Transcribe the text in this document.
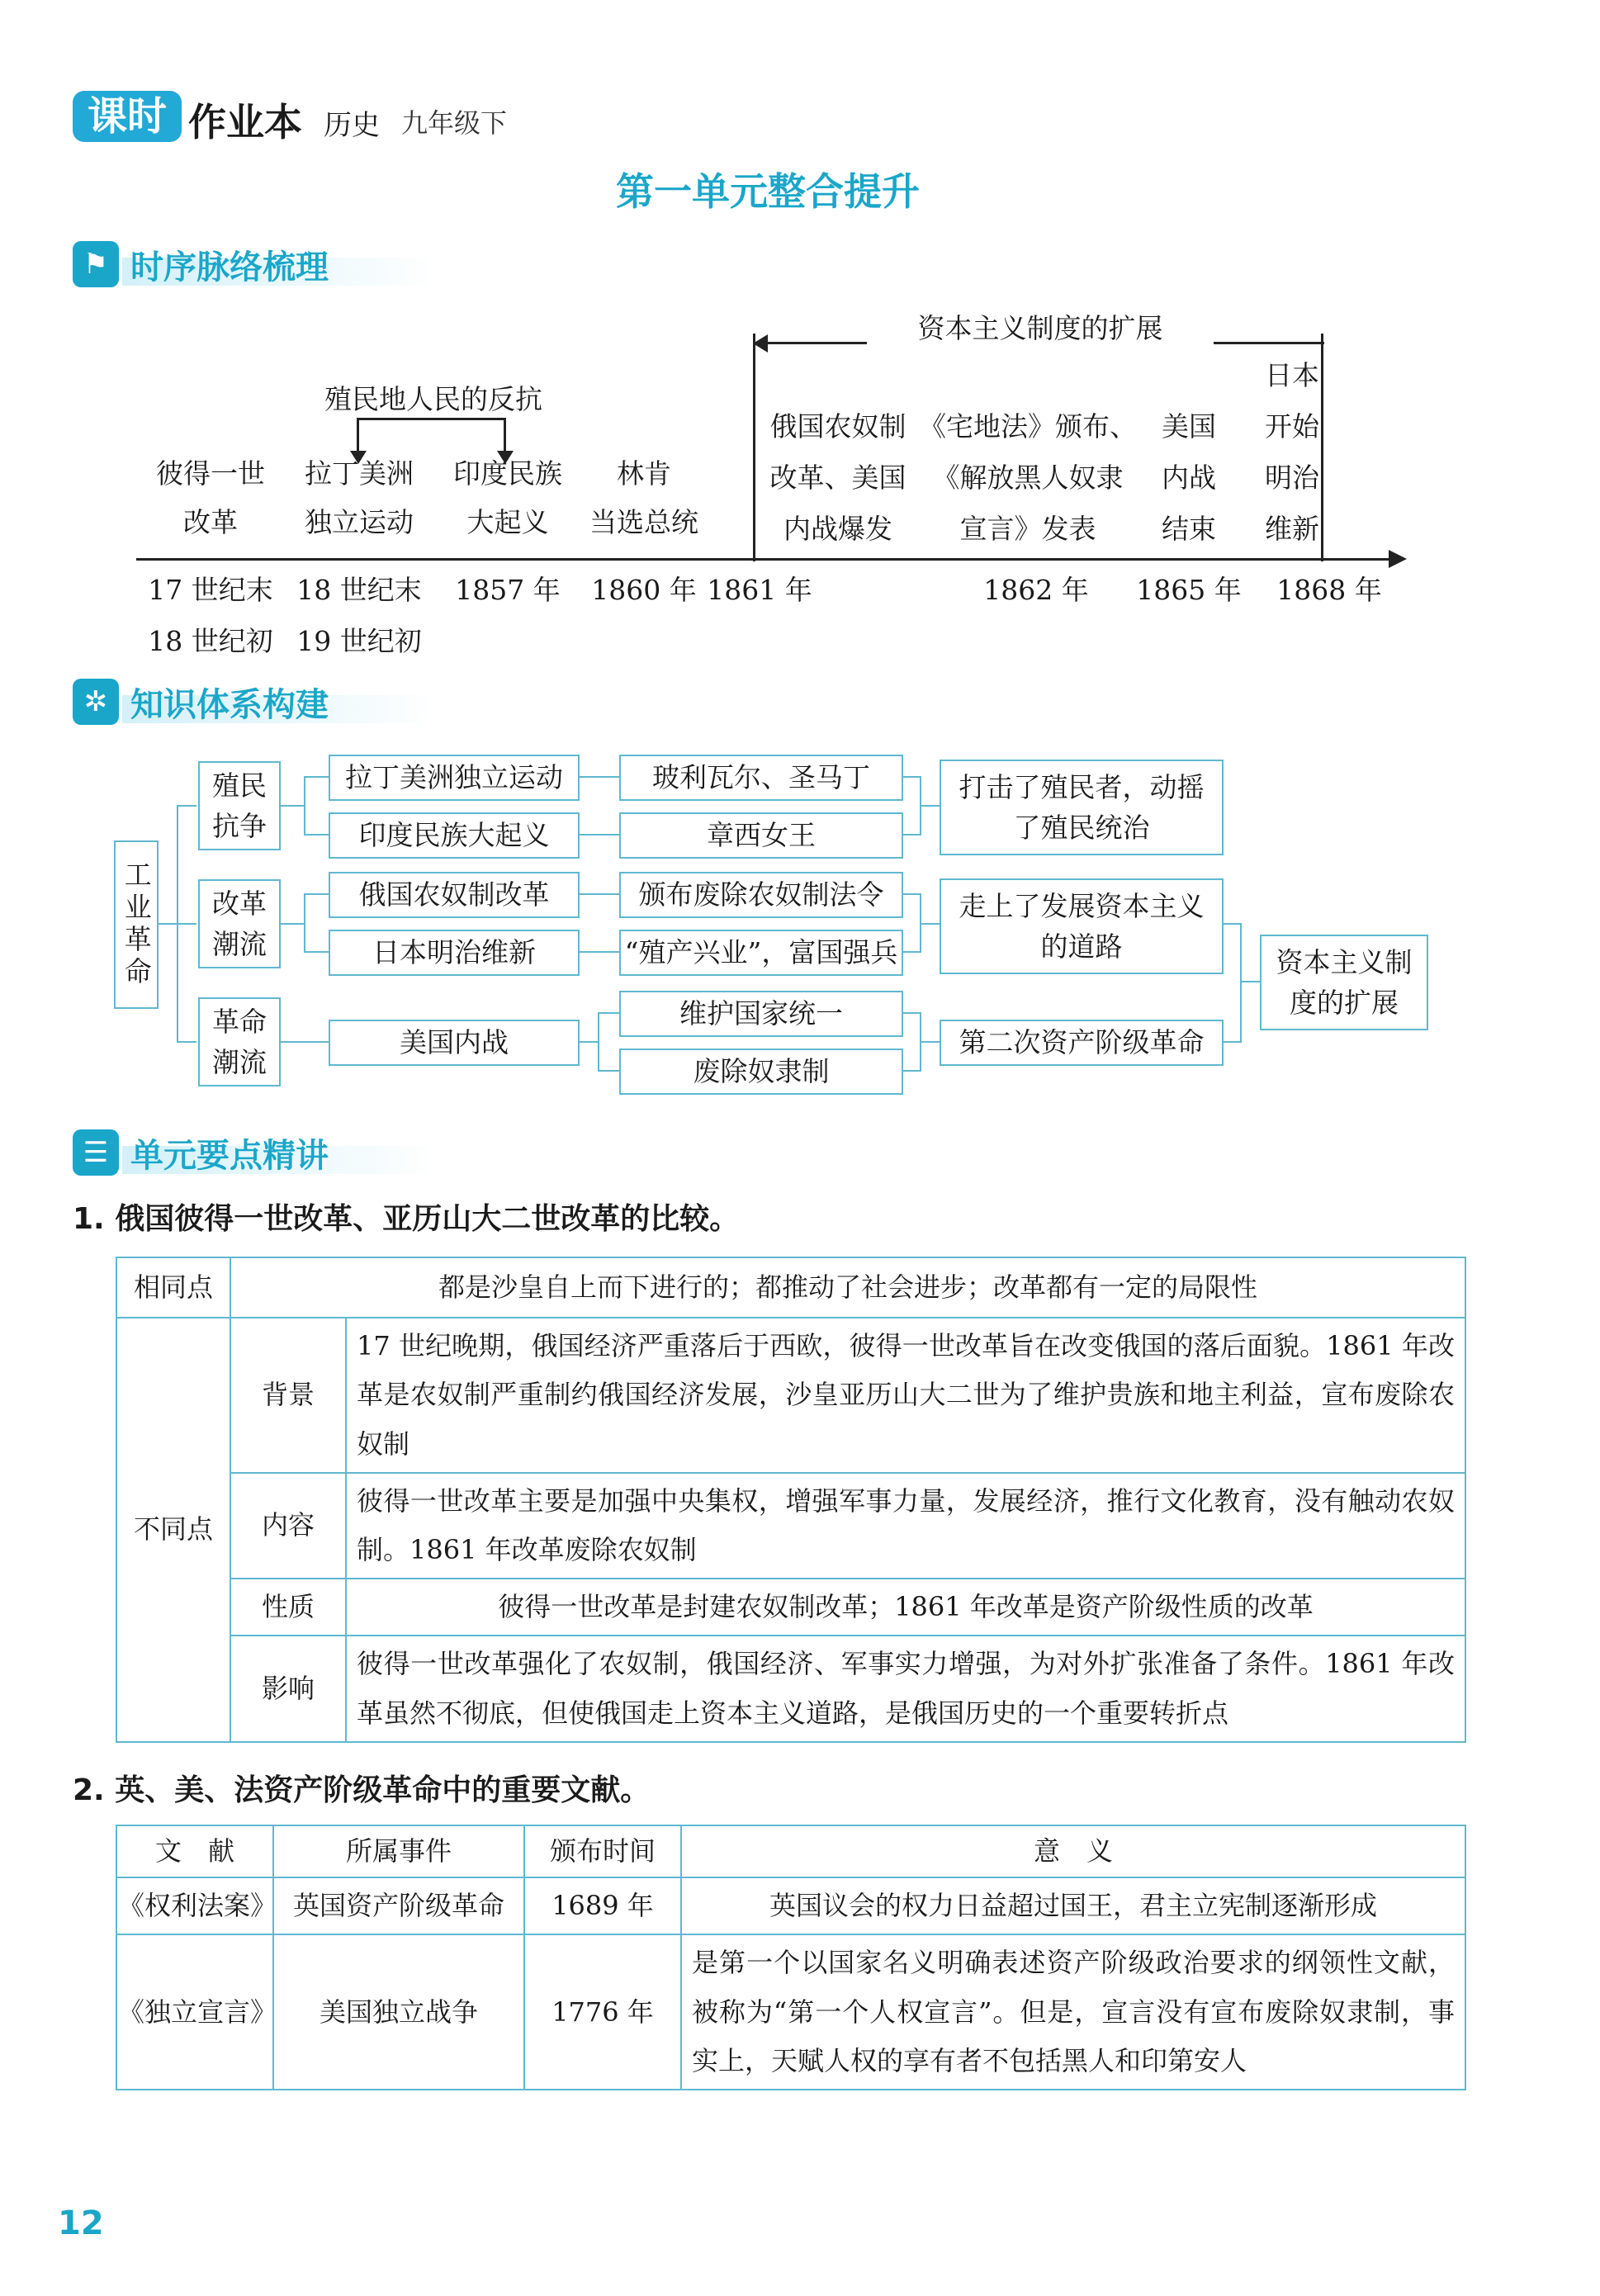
课时 作业本 历史 九年级下
第一单元整合提升
⚑ 时序脉络梳理
资本主义制度的扩展
殖民地人民的反抗
彼得一世
改革
拉丁美洲
独立运动
印度民族
大起义
林肯
当选总统
俄国农奴制
改革、美国
内战爆发
《宅地法》颁布、
《解放黑人奴隶
宣言》发表
美国
内战
结束
日本
开始
明治
维新
17 世纪末
18 世纪初
18 世纪末
19 世纪初
1857 年	1860 年 1861 年	1862 年	1865 年	1868 年
✲ 知识体系构建
工业革命
殖民抗争
改革潮流
革命潮流
拉丁美洲独立运动
印度民族大起义
俄国农奴制改革
日本明治维新
美国内战
玻利瓦尔、圣马丁
章西女王
颁布废除农奴制法令
“殖产兴业”，富国强兵
维护国家统一
废除奴隶制
打击了殖民者，动摇了殖民统治
走上了发展资本主义的道路
第二次资产阶级革命
资本主义制度的扩展
☰ 单元要点精讲
1. 俄国彼得一世改革、亚历山大二世改革的比较。
相同点	都是沙皇自上而下进行的；都推动了社会进步；改革都有一定的局限性	
不同点	背景	17 世纪晚期，俄国经济严重落后于西欧，彼得一世改革旨在改变俄国的落后面貌。1861 年改革是农奴制严重制约俄国经济发展，沙皇亚历山大二世为了维护贵族和地主利益，宣布废除农奴制
	内容	彼得一世改革主要是加强中央集权，增强军事力量，发展经济，推行文化教育，没有触动农奴制。1861 年改革废除农奴制
	性质	彼得一世改革是封建农奴制改革；1861 年改革是资产阶级性质的改革
	影响	彼得一世改革强化了农奴制，俄国经济、军事实力增强，为对外扩张准备了条件。1861 年改革虽然不彻底，但使俄国走上资本主义道路，是俄国历史的一个重要转折点
2. 英、美、法资产阶级革命中的重要文献。
文　献	所属事件	颁布时间	意　义
《权利法案》	英国资产阶级革命	1689 年	英国议会的权力日益超过国王，君主立宪制逐渐形成
《独立宣言》	美国独立战争	1776 年	是第一个以国家名义明确表述资产阶级政治要求的纲领性文献，被称为“第一个人权宣言”。但是，宣言没有宣布废除奴隶制，事实上，天赋人权的享有者不包括黑人和印第安人
12
